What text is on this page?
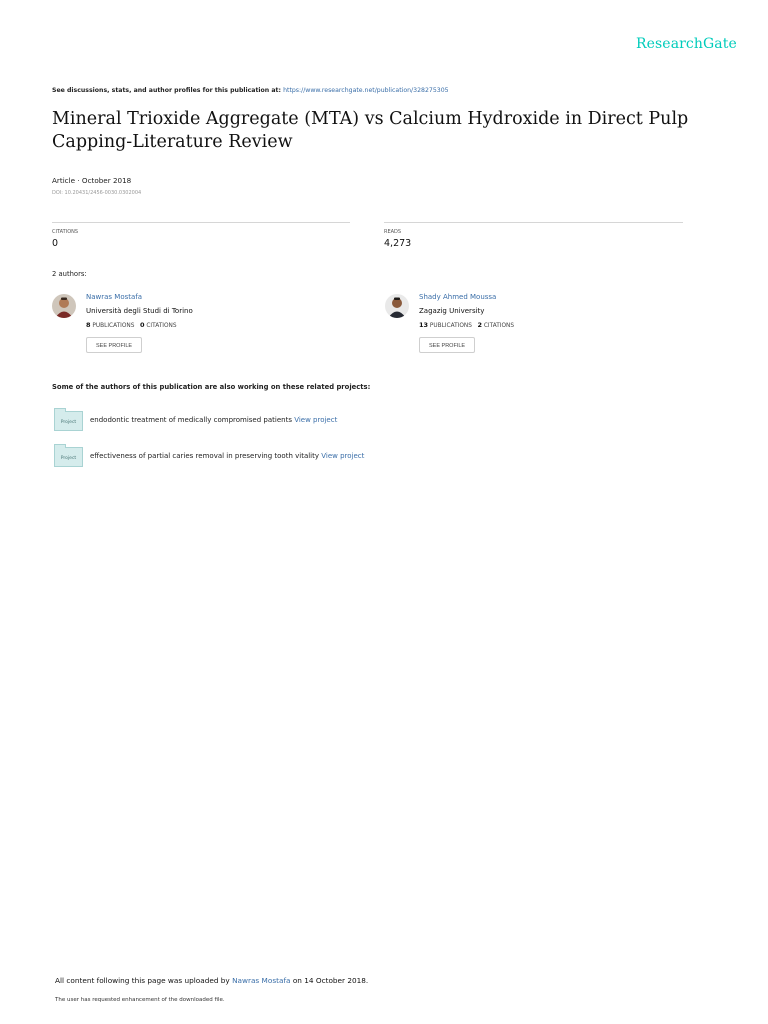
ResearchGate
See discussions, stats, and author profiles for this publication at: https://www.researchgate.net/publication/328275305
Mineral Trioxide Aggregate (MTA) vs Calcium Hydroxide in Direct Pulp
Capping-Literature Review
Article · October 2018
DOI: 10.20431/2456-0030.0302004
CITATIONS
0
READS
4,273
2 authors:
Nawras Mostafa
Università degli Studi di Torino
8 PUBLICATIONS 0 CITATIONS
SEE PROFILE
Shady Ahmed Moussa
Zagazig University
13 PUBLICATIONS 2 CITATIONS
SEE PROFILE
Some of the authors of this publication are also working on these related projects:
Project	endodontic treatment of medically compromised patients View project
Project	effectiveness of partial caries removal in preserving tooth vitality View project
All content following this page was uploaded by Nawras Mostafa on 14 October 2018.
The user has requested enhancement of the downloaded file.
